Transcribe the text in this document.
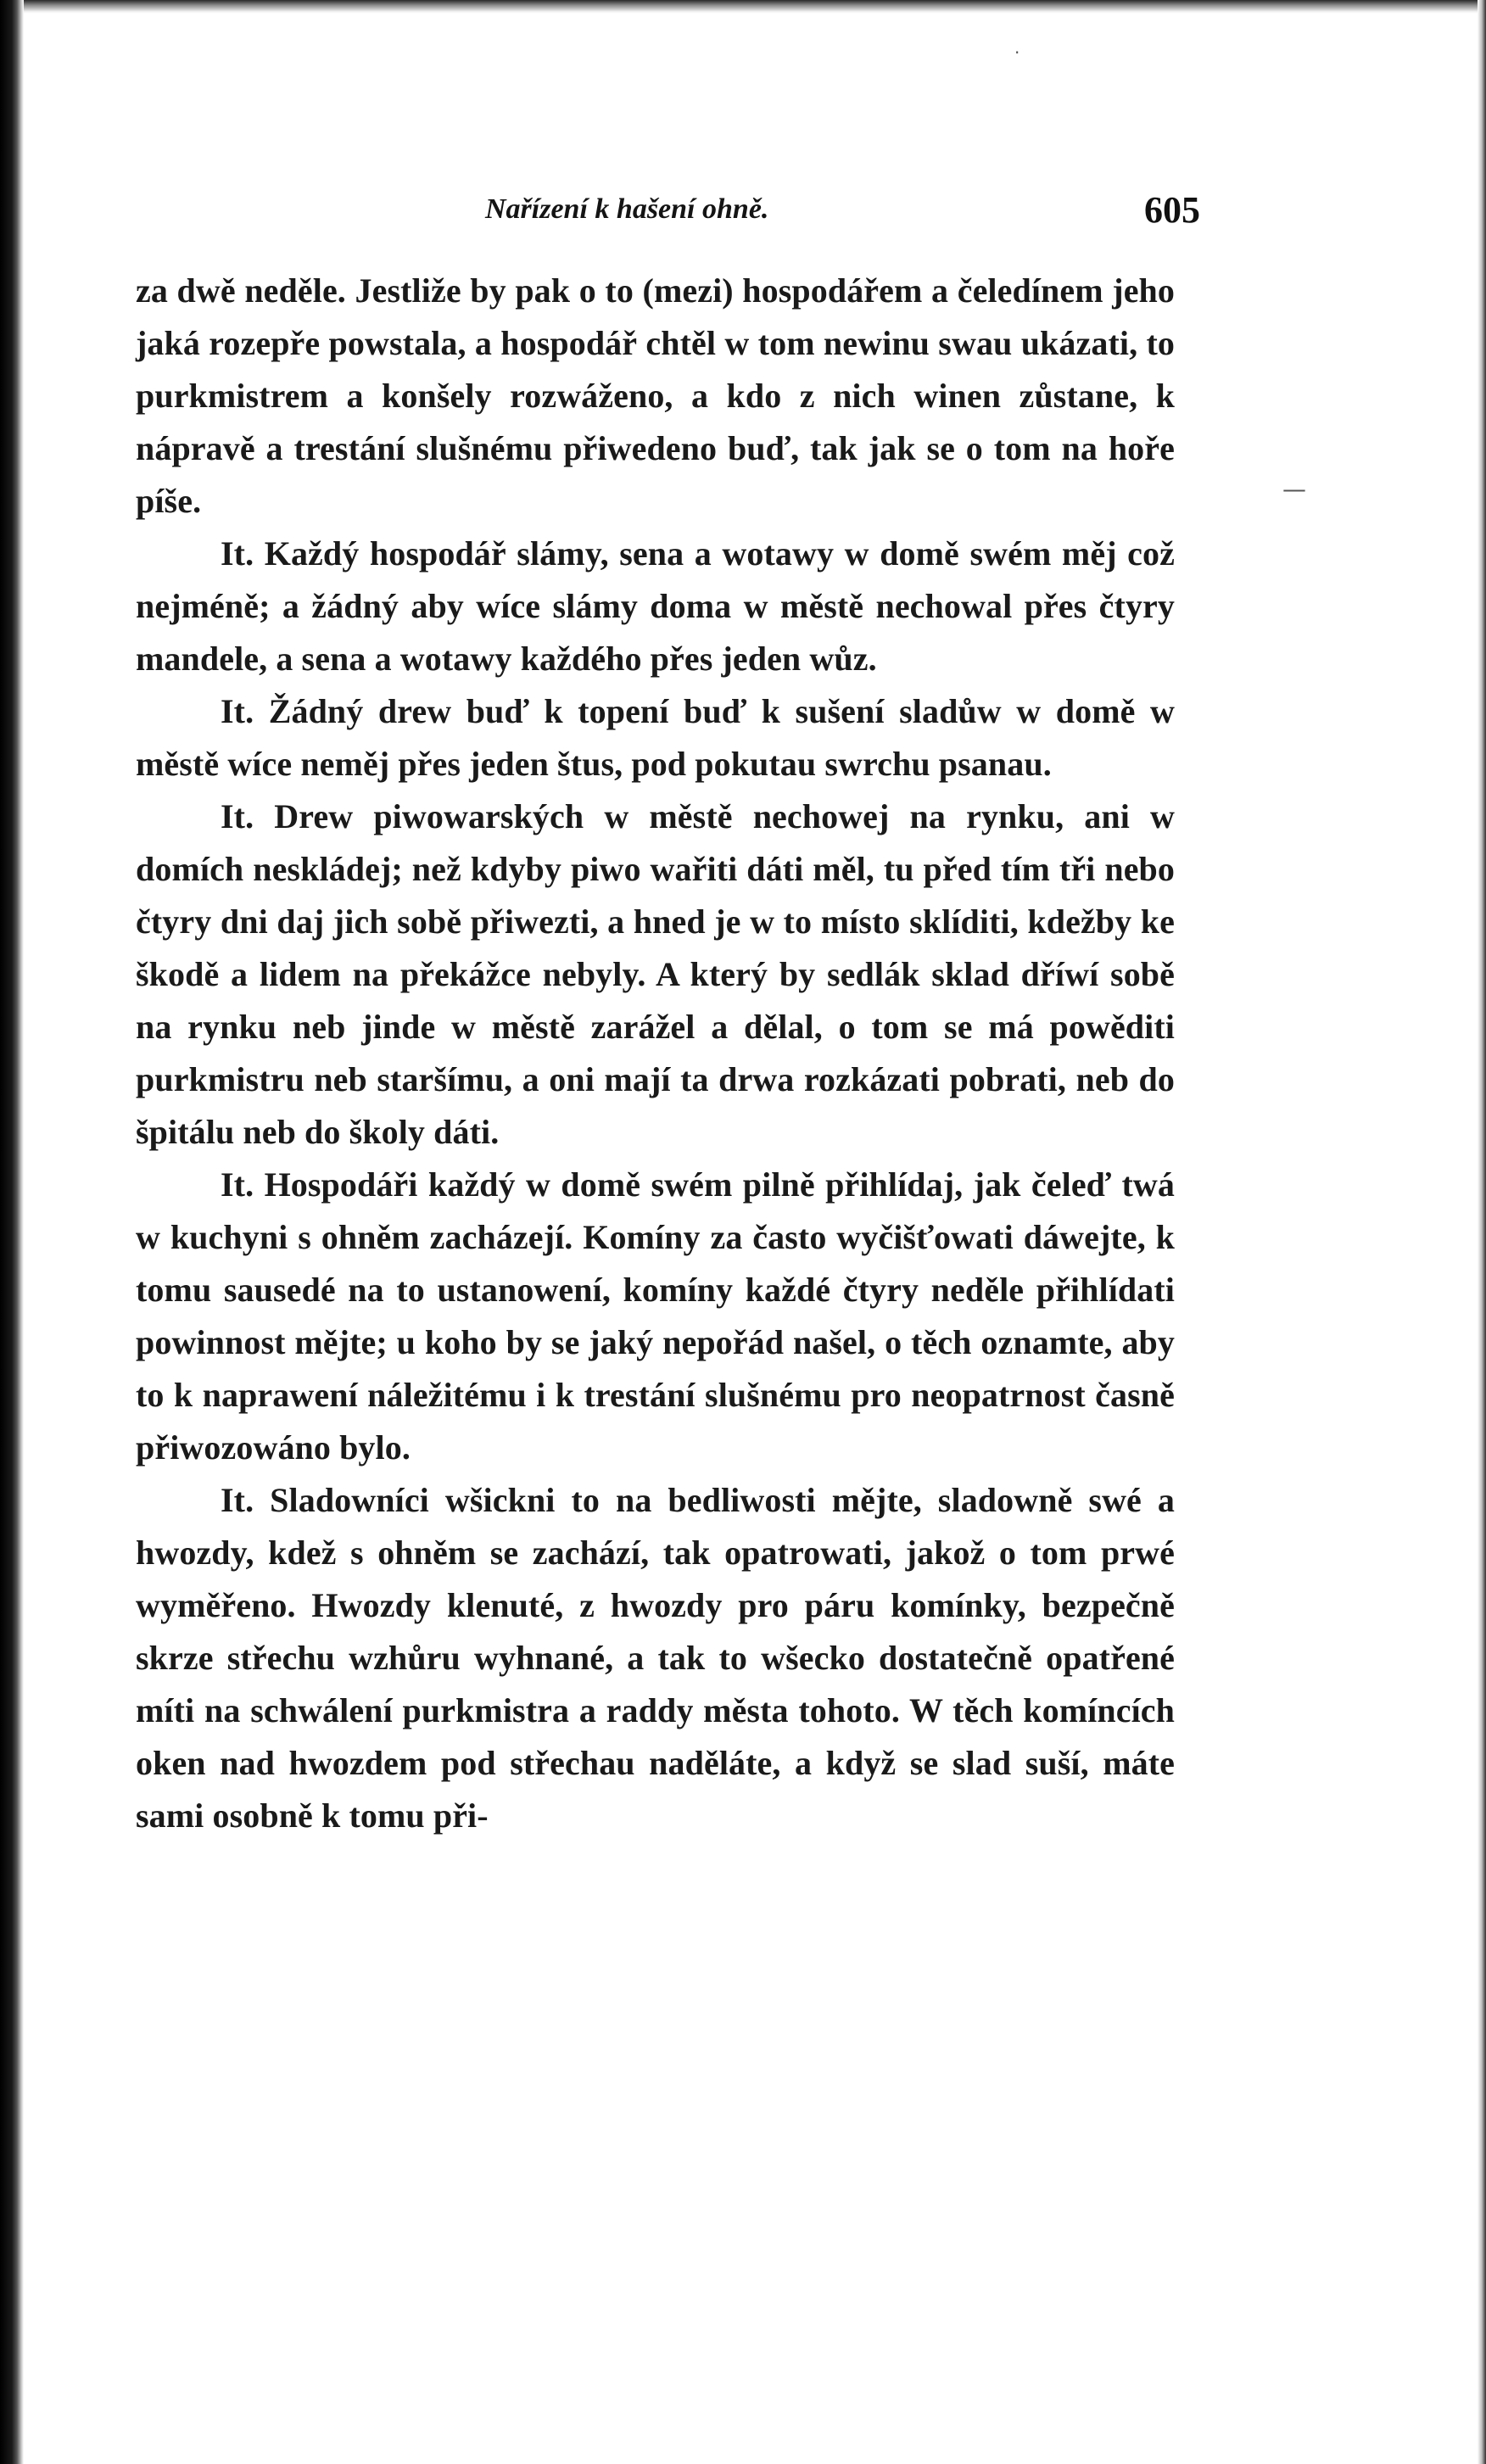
·
—
Nařízení k hašení ohně.	605

za dwě neděle. Jestliže by pak o to (mezi) hospodářem a čeledínem jeho jaká rozepře powstala, a hospodář chtěl w tom newinu swau ukázati, to purkmistrem a konšely rozwáženo, a kdo z nich winen zůstane, k nápravě a trestání slušnému přiwedeno buď, tak jak se o tom na hoře píše.

It. Každý hospodář slámy, sena a wotawy w domě swém měj což nejméně; a žádný aby wíce slámy doma w městě nechowal přes čtyry mandele, a sena a wotawy každého přes jeden wůz.

It. Žádný drew buď k topení buď k sušení sladůw w domě w městě wíce neměj přes jeden štus, pod pokutau swrchu psanau.

It. Drew piwowarských w městě nechowej na rynku, ani w domích neskládej; než kdyby piwo wařiti dáti měl, tu před tím tři nebo čtyry dni daj jich sobě přiwezti, a hned je w to místo sklíditi, kdežby ke škodě a lidem na překážce nebyly. A který by sedlák sklad dříwí sobě na rynku neb jinde w městě zarážel a dělal, o tom se má powěditi purkmistru neb staršímu, a oni mají ta drwa rozkázati pobrati, neb do špitálu neb do školy dáti.

It. Hospodáři každý w domě swém pilně přihlídaj, jak čeleď twá w kuchyni s ohněm zacházejí. Komíny za často wyčišťowati dáwejte, k tomu sausedé na to ustanowení, komíny každé čtyry neděle přihlídati powinnost mějte; u koho by se jaký nepořád našel, o těch oznamte, aby to k naprawení náležitému i k trestání slušnému pro neopatrnost časně přiwozowáno bylo.

It. Sladowníci wšickni to na bedliwosti mějte, sladowně swé a hwozdy, kdež s ohněm se zachází, tak opatrowati, jakož o tom prwé wyměřeno. Hwozdy klenuté, z hwozdy pro páru komínky, bezpečně skrze střechu wzhůru wyhnané, a tak to wšecko dostatečně opatřené míti na schwálení purkmistra a raddy města tohoto. W těch komíncích oken nad hwozdem pod střechau naděláte, a když se slad suší, máte sami osobně k tomu při-
